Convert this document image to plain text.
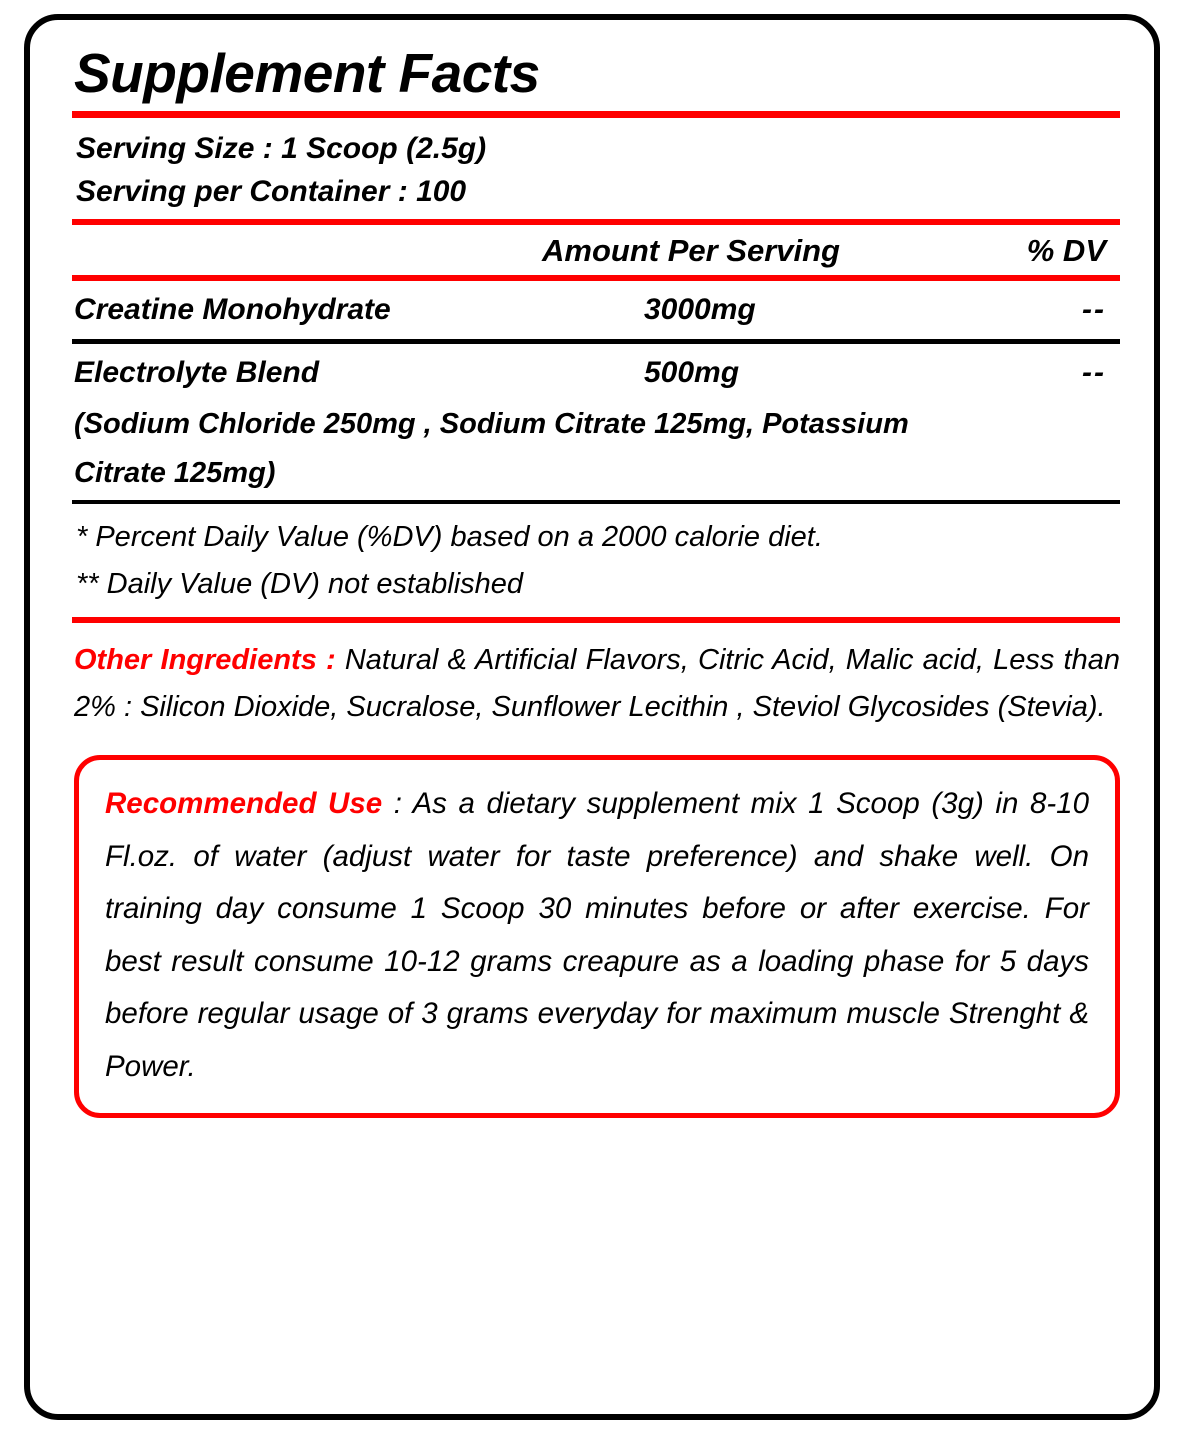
Supplement Facts
Serving Size : 1 Scoop (2.5g)
Serving per Container : 100
Amount Per Serving	% DV
Creatine Monohydrate	3000mg	--
Electrolyte Blend	500mg	--
(Sodium Chloride 250mg , Sodium Citrate 125mg, Potassium
Citrate 125mg)
* Percent Daily Value (%DV) based on a 2000 calorie diet.
** Daily Value (DV) not established
Other Ingredients : Natural & Artificial Flavors, Citric Acid, Malic acid, Less than 2% : Silicon Dioxide, Sucralose, Sunflower Lecithin , Steviol Glycosides (Stevia).
Recommended Use : As a dietary supplement mix 1 Scoop (3g) in 8-10 Fl.oz. of water (adjust water for taste preference) and shake well. On training day consume 1 Scoop 30 minutes before or after exercise. For best result consume 10-12 grams creapure as a loading phase for 5 days before regular usage of 3 grams everyday for maximum muscle Strenght & Power.
